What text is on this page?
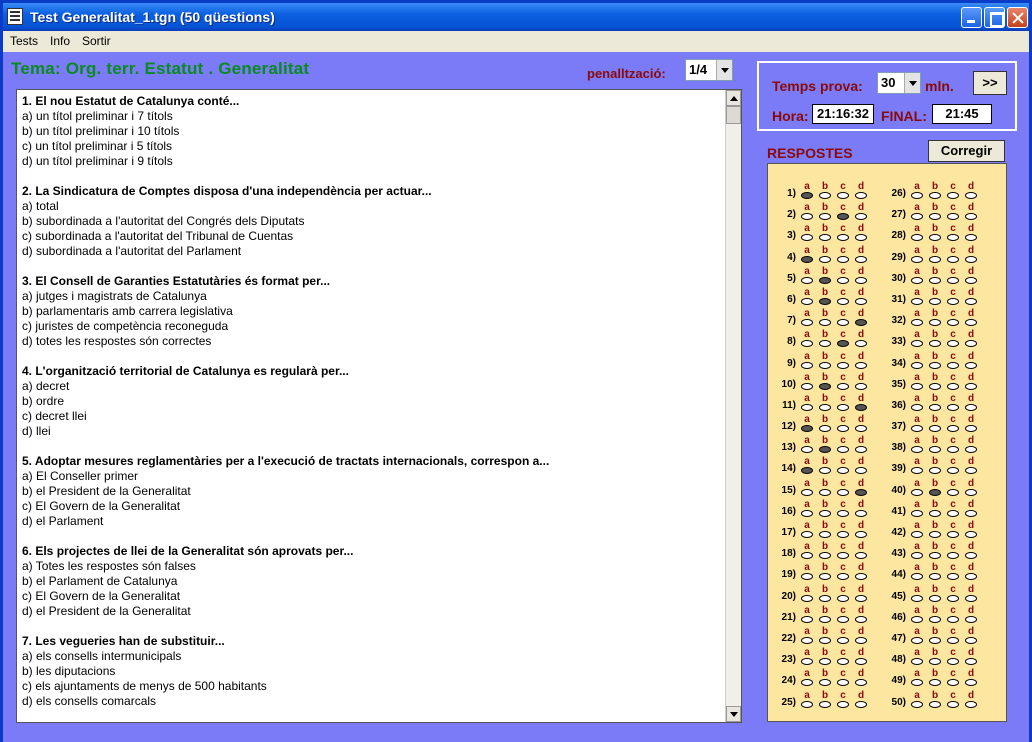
Test Generalitat_1.tgn (50 qüestions)
Tests Info Sortir
Tema: Org. terr. Estatut . Generalitat	penalltzació: 1/4
1. El nou Estatut de Catalunya conté...
a) un títol preliminar i 7 títols
b) un títol preliminar i 10 títols
c) un títol preliminar i 5 títols
d) un títol preliminar i 9 títols
2. La Sindicatura de Comptes disposa d'una independència per actuar...
a) total
b) subordinada a l'autoritat del Congrés dels Diputats
c) subordinada a l'autoritat del Tribunal de Cuentas
d) subordinada a l'autoritat del Parlament
3. El Consell de Garanties Estatutàries és format per...
a) jutges i magistrats de Catalunya
b) parlamentaris amb carrera legislativa
c) juristes de competència reconeguda
d) totes les respostes són correctes
4. L'organització territorial de Catalunya es regularà per...
a) decret
b) ordre
c) decret llei
d) llei
5. Adoptar mesures reglamentàries per a l'execució de tractats internacionals, correspon a...
a) El Conseller primer
b) el President de la Generalitat
c) El Govern de la Generalitat
d) el Parlament
6. Els projectes de llei de la Generalitat són aprovats per...
a) Totes les respostes són falses
b) el Parlament de Catalunya
c) El Govern de la Generalitat
d) el President de la Generalitat
7. Les vegueries han de substituir...
a) els consells intermunicipals
b) les diputacions
c) els ajuntaments de menys de 500 habitants
d) els consells comarcals
Temps prova: 30 mln.	>>
Hora: 21:16:32 FINAL:	21:45
RESPOSTES	Corregir
1)
a	b	c	d
2)
a	b	c	d
3)
a	b	c	d
4)
a	b	c	d
5)
a	b	c	d
6)
a	b	c	d
7)
a	b	c	d
8)
a	b	c	d
9)
a	b	c	d
10)
a	b	c	d
11)
a	b	c	d
12)
a	b	c	d
13)
a	b	c	d
14)
a	b	c	d
15)
a	b	c	d
16)
a	b	c	d
17)
a	b	c	d
18)
a	b	c	d
19)
a	b	c	d
20)
a	b	c	d
21)
a	b	c	d
22)
a	b	c	d
23)
a	b	c	d
24)
a	b	c	d
25)
a	b	c	d
26)
a	b	c	d
27)
a	b	c	d
28)
a	b	c	d
29)
a	b	c	d
30)
a	b	c	d
31)
a	b	c	d
32)
a	b	c	d
33)
a	b	c	d
34)
a	b	c	d
35)
a	b	c	d
36)
a	b	c	d
37)
a	b	c	d
38)
a	b	c	d
39)
a	b	c	d
40)
a	b	c	d
41)
a	b	c	d
42)
a	b	c	d
43)
a	b	c	d
44)
a	b	c	d
45)
a	b	c	d
46)
a	b	c	d
47)
a	b	c	d
48)
a	b	c	d
49)
a	b	c	d
50)
a	b	c	d
